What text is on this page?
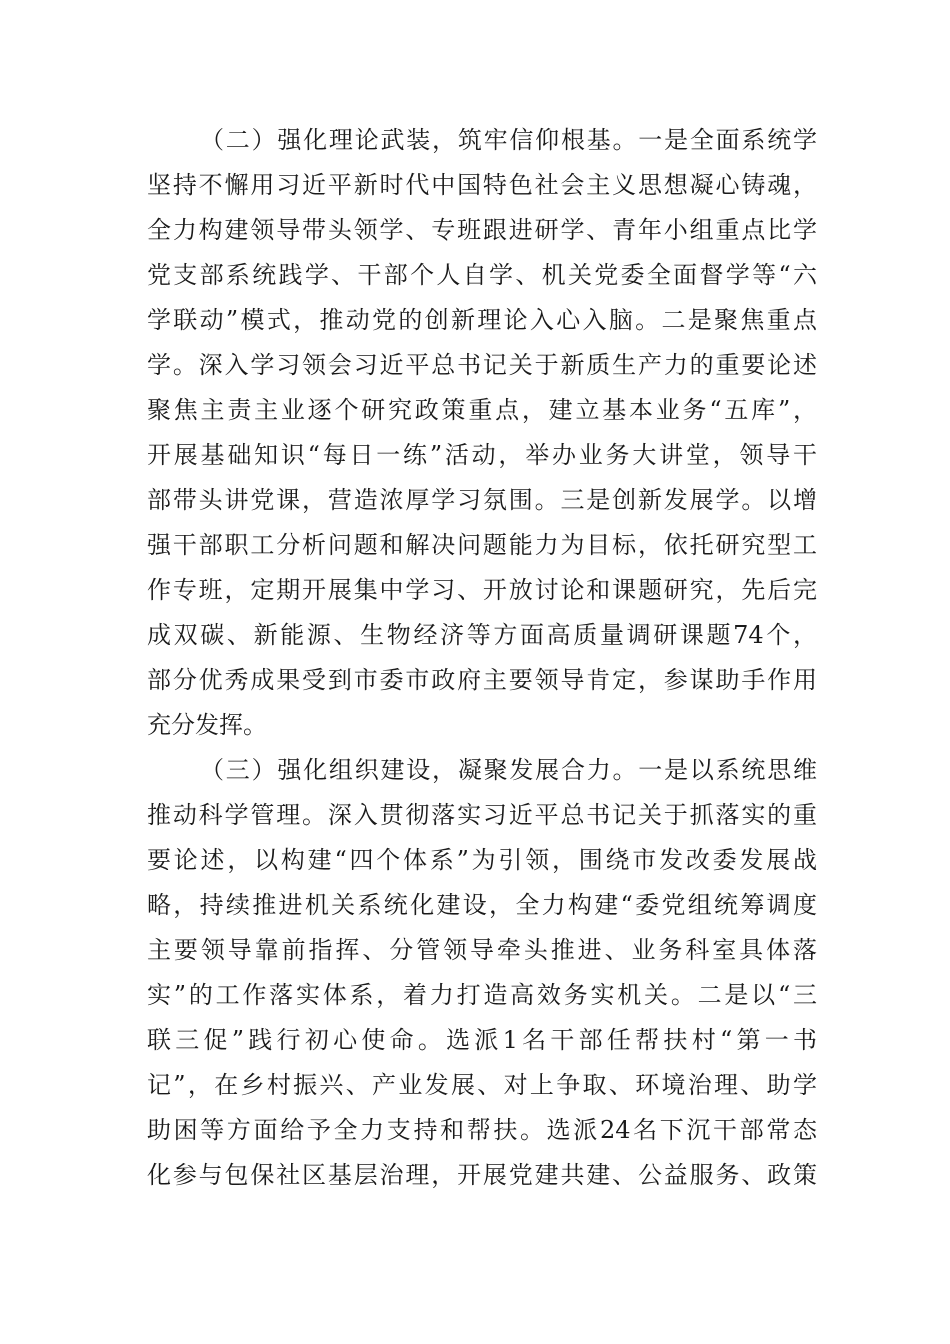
（二）强化理论武装，筑牢信仰根基。一是全面系统学
坚持不懈用习近平新时代中国特色社会主义思想凝心铸魂，
全力构建领导带头领学、专班跟进研学、青年小组重点比学
党支部系统践学、干部个人自学、机关党委全面督学等“六
学联动”模式，推动党的创新理论入心入脑。二是聚焦重点
学。深入学习领会习近平总书记关于新质生产力的重要论述
聚焦主责主业逐个研究政策重点，建立基本业务“五库”，
开展基础知识“每日一练”活动，举办业务大讲堂，领导干
部带头讲党课，营造浓厚学习氛围。三是创新发展学。以增
强干部职工分析问题和解决问题能力为目标，依托研究型工
作专班，定期开展集中学习、开放讨论和课题研究，先后完
成双碳、新能源、生物经济等方面高质量调研课题74个，
部分优秀成果受到市委市政府主要领导肯定，参谋助手作用
充分发挥。
（三）强化组织建设，凝聚发展合力。一是以系统思维
推动科学管理。深入贯彻落实习近平总书记关于抓落实的重
要论述，以构建“四个体系”为引领，围绕市发改委发展战
略，持续推进机关系统化建设，全力构建“委党组统筹调度
主要领导靠前指挥、分管领导牵头推进、业务科室具体落
实”的工作落实体系，着力打造高效务实机关。二是以“三
联三促”践行初心使命。选派1名干部任帮扶村“第一书
记”，在乡村振兴、产业发展、对上争取、环境治理、助学
助困等方面给予全力支持和帮扶。选派24名下沉干部常态
化参与包保社区基层治理，开展党建共建、公益服务、政策
